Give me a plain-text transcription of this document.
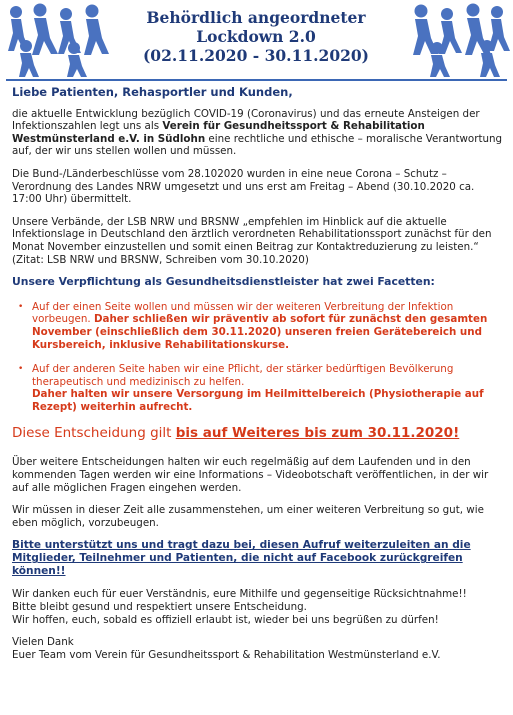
Behördlich angeordneter
Lockdown 2.0
(02.11.2020 - 30.11.2020)
Liebe Patienten, Rehasportler und Kunden,

die aktuelle Entwicklung bezüglich COVID-19 (Coronavirus) und das erneute Ansteigen der Infektionszahlen legt uns als Verein für Gesundheitssport & Rehabilitation Westmünsterland e.V. in Südlohn eine rechtliche und ethische – moralische Verantwortung auf, der wir uns stellen wollen und müssen.

Die Bund-/Länderbeschlüsse vom 28.102020 wurden in eine neue Corona – Schutz – Verordnung des Landes NRW umgesetzt und uns erst am Freitag – Abend (30.10.2020 ca. 17:00 Uhr) übermittelt.

Unsere Verbände, der LSB NRW und BRSNW „empfehlen im Hinblick auf die aktuelle Infektionslage in Deutschland den ärztlich verordneten Rehabilitationssport zunächst für den Monat November einzustellen und somit einen Beitrag zur Kontaktreduzierung zu leisten.“ (Zitat: LSB NRW und BRSNW, Schreiben vom 30.10.2020)

Unsere Verpflichtung als Gesundheitsdienstleister hat zwei Facetten:
• Auf der einen Seite wollen und müssen wir der weiteren Verbreitung der Infektion vorbeugen. Daher schließen wir präventiv ab sofort für zunächst den gesamten November (einschließlich dem 30.11.2020) unseren freien Gerätebereich und Kursbereich, inklusive Rehabilitationskurse.
• Auf der anderen Seite haben wir eine Pflicht, der stärker bedürftigen Bevölkerung therapeutisch und medizinisch zu helfen.
Daher halten wir unsere Versorgung im Heilmittelbereich (Physiotherapie auf Rezept) weiterhin aufrecht.
Diese Entscheidung gilt bis auf Weiteres bis zum 30.11.2020!

Über weitere Entscheidungen halten wir euch regelmäßig auf dem Laufenden und in den kommenden Tagen werden wir eine Informations – Videobotschaft veröffentlichen, in der wir auf alle möglichen Fragen eingehen werden.

Wir müssen in dieser Zeit alle zusammenstehen, um einer weiteren Verbreitung so gut, wie eben möglich, vorzubeugen.

Bitte unterstützt uns und tragt dazu bei, diesen Aufruf weiterzuleiten an die Mitglieder, Teilnehmer und Patienten, die nicht auf Facebook zurückgreifen können!!

Wir danken euch für euer Verständnis, eure Mithilfe und gegenseitige Rücksichtnahme!!
Bitte bleibt gesund und respektiert unsere Entscheidung.
Wir hoffen, euch, sobald es offiziell erlaubt ist, wieder bei uns begrüßen zu dürfen!

Vielen Dank
Euer Team vom Verein für Gesundheitssport & Rehabilitation Westmünsterland e.V.
